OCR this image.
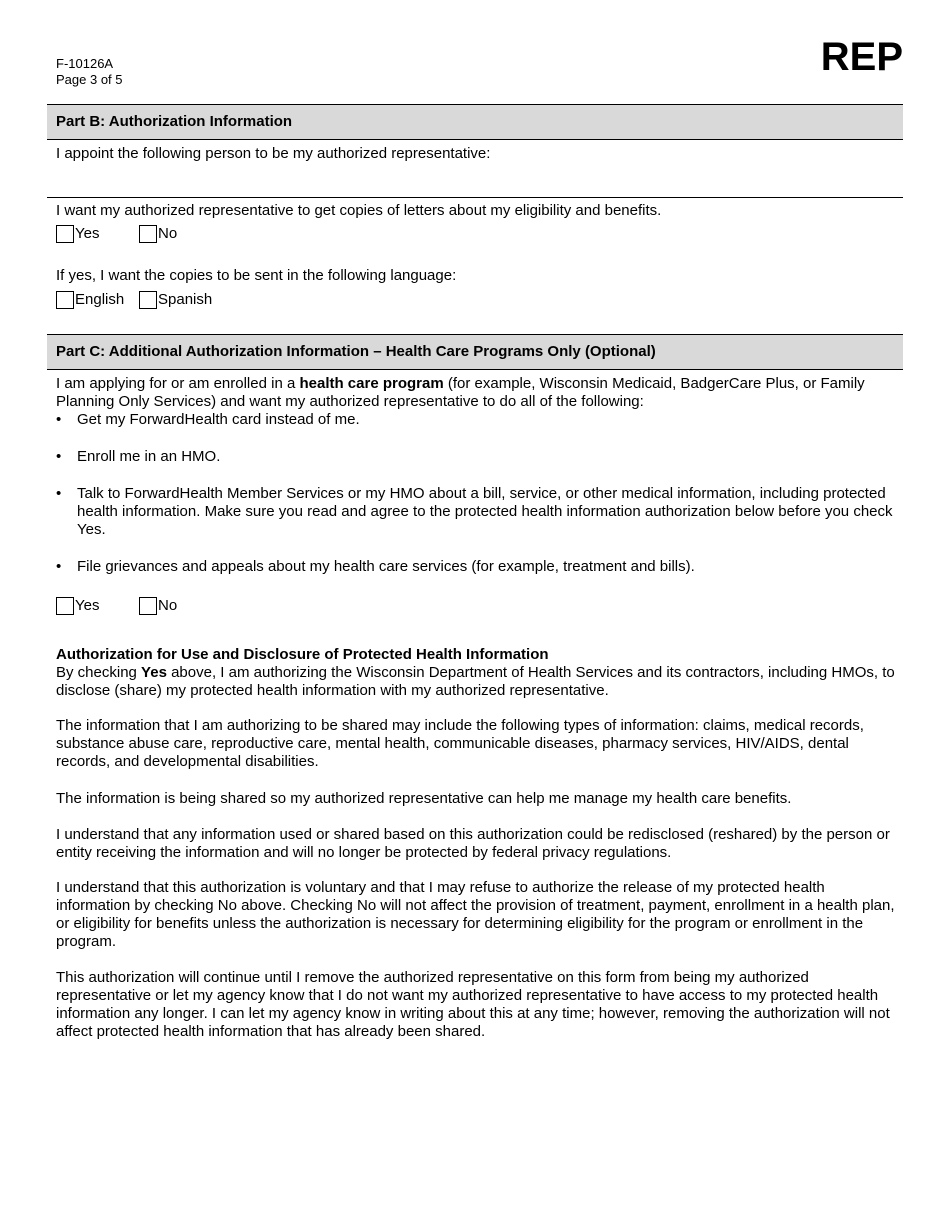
F-10126A
Page 3 of 5
REP
Part B: Authorization Information
I appoint the following person to be my authorized representative:
I want my authorized representative to get copies of letters about my eligibility and benefits.
Yes	No
If yes, I want the copies to be sent in the following language:
English Spanish
Part C: Additional Authorization Information – Health Care Programs Only (Optional)
I am applying for or am enrolled in a health care program (for example, Wisconsin Medicaid, BadgerCare Plus, or Family Planning Only Services) and want my authorized representative to do all of the following:
• Get my ForwardHealth card instead of me.
• Enroll me in an HMO.
• Talk to ForwardHealth Member Services or my HMO about a bill, service, or other medical information, including protected health information. Make sure you read and agree to the protected health information authorization below before you check Yes.
• File grievances and appeals about my health care services (for example, treatment and bills).
Yes	No
Authorization for Use and Disclosure of Protected Health Information
By checking Yes above, I am authorizing the Wisconsin Department of Health Services and its contractors, including HMOs, to disclose (share) my protected health information with my authorized representative.
The information that I am authorizing to be shared may include the following types of information: claims, medical records, substance abuse care, reproductive care, mental health, communicable diseases, pharmacy services, HIV/AIDS, dental records, and developmental disabilities.
The information is being shared so my authorized representative can help me manage my health care benefits.
I understand that any information used or shared based on this authorization could be redisclosed (reshared) by the person or entity receiving the information and will no longer be protected by federal privacy regulations.
I understand that this authorization is voluntary and that I may refuse to authorize the release of my protected health information by checking No above. Checking No will not affect the provision of treatment, payment, enrollment in a health plan, or eligibility for benefits unless the authorization is necessary for determining eligibility for the program or enrollment in the program.
This authorization will continue until I remove the authorized representative on this form from being my authorized representative or let my agency know that I do not want my authorized representative to have access to my protected health information any longer. I can let my agency know in writing about this at any time; however, removing the authorization will not affect protected health information that has already been shared.
